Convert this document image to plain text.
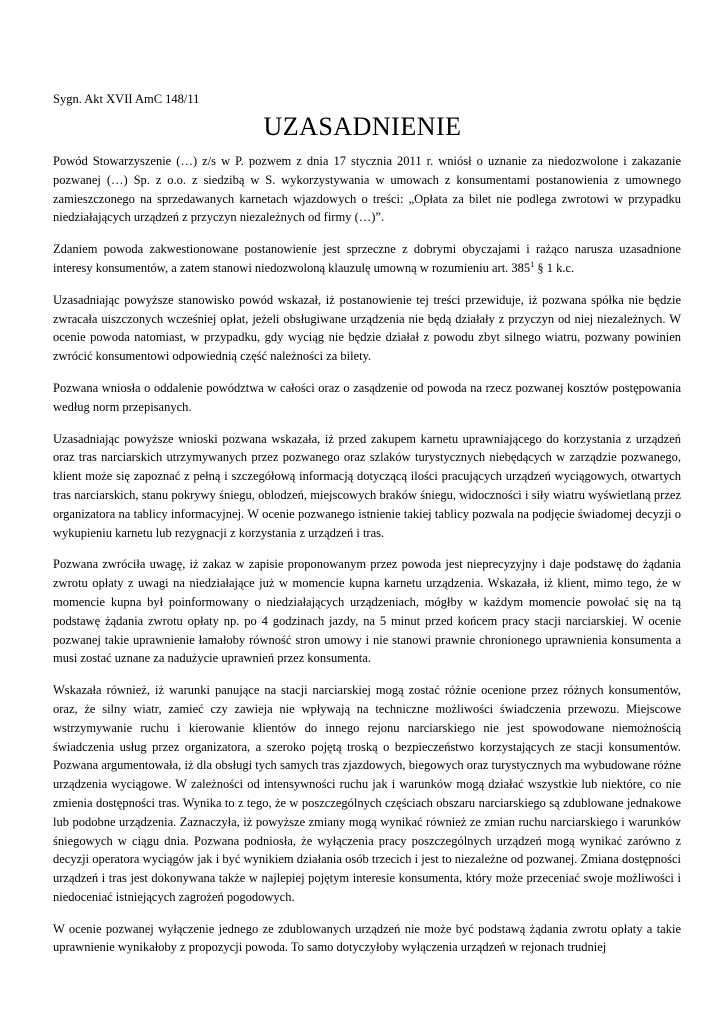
Sygn. Akt XVII AmC 148/11
UZASADNIENIE

Powód Stowarzyszenie (…) z/s w P. pozwem z dnia 17 stycznia 2011 r. wniósł o uznanie za niedozwolone i zakazanie pozwanej (…) Sp. z o.o. z siedzibą w S. wykorzystywania w umowach z konsumentami postanowienia z umownego zamieszczonego na sprzedawanych karnetach wjazdowych o treści: „Opłata za bilet nie podlega zwrotowi w przypadku niedziałających urządzeń z przyczyn niezależnych od firmy (…)”.

Zdaniem powoda zakwestionowane postanowienie jest sprzeczne z dobrymi obyczajami i rażąco narusza uzasadnione interesy konsumentów, a zatem stanowi niedozwoloną klauzulę umowną w rozumieniu art. $385^1$ § 1 k.c.

Uzasadniając powyższe stanowisko powód wskazał, iż postanowienie tej treści przewiduje, iż pozwana spółka nie będzie zwracała uiszczonych wcześniej opłat, jeżeli obsługiwane urządzenia nie będą działały z przyczyn od niej niezależnych. W ocenie powoda natomiast, w przypadku, gdy wyciąg nie będzie działał z powodu zbyt silnego wiatru, pozwany powinien zwrócić konsumentowi odpowiednią część należności za bilety.

Pozwana wniosła o oddalenie powództwa w całości oraz o zasądzenie od powoda na rzecz pozwanej kosztów postępowania według norm przepisanych.

Uzasadniając powyższe wnioski pozwana wskazała, iż przed zakupem karnetu uprawniającego do korzystania z urządzeń oraz tras narciarskich utrzymywanych przez pozwanego oraz szlaków turystycznych niebędących w zarządzie pozwanego, klient może się zapoznać z pełną i szczegółową informacją dotyczącą ilości pracujących urządzeń wyciągowych, otwartych tras narciarskich, stanu pokrywy śniegu, oblodzeń, miejscowych braków śniegu, widoczności i siły wiatru wyświetlaną przez organizatora na tablicy informacyjnej. W ocenie pozwanego istnienie takiej tablicy pozwala na podjęcie świadomej decyzji o wykupieniu karnetu lub rezygnacji z korzystania z urządzeń i tras.

Pozwana zwróciła uwagę, iż zakaz w zapisie proponowanym przez powoda jest nieprecyzyjny i daje podstawę do żądania zwrotu opłaty z uwagi na niedziałające już w momencie kupna karnetu urządzenia. Wskazała, iż klient, mimo tego, że w momencie kupna był poinformowany o niedziałających urządzeniach, mógłby w każdym momencie powołać się na tą podstawę żądania zwrotu opłaty np. po 4 godzinach jazdy, na 5 minut przed końcem pracy stacji narciarskiej. W ocenie pozwanej takie uprawnienie łamałoby równość stron umowy i nie stanowi prawnie chronionego uprawnienia konsumenta a musi zostać uznane za nadużycie uprawnień przez konsumenta.

Wskazała również, iż warunki panujące na stacji narciarskiej mogą zostać różnie ocenione przez różnych konsumentów, oraz, że silny wiatr, zamieć czy zawieja nie wpływają na techniczne możliwości świadczenia przewozu. Miejscowe wstrzymywanie ruchu i kierowanie klientów do innego rejonu narciarskiego nie jest spowodowane niemożnością świadczenia usług przez organizatora, a szeroko pojętą troską o bezpieczeństwo korzystających ze stacji konsumentów. Pozwana argumentowała, iż dla obsługi tych samych tras zjazdowych, biegowych oraz turystycznych ma wybudowane różne urządzenia wyciągowe. W zależności od intensywności ruchu jak i warunków mogą działać wszystkie lub niektóre, co nie zmienia dostępności tras. Wynika to z tego, że w poszczególnych częściach obszaru narciarskiego są zdublowane jednakowe lub podobne urządzenia. Zaznaczyła, iż powyższe zmiany mogą wynikać również ze zmian ruchu narciarskiego i warunków śniegowych w ciągu dnia. Pozwana podniosła, że wyłączenia pracy poszczególnych urządzeń mogą wynikać zarówno z decyzji operatora wyciągów jak i być wynikiem działania osób trzecich i jest to niezależne od pozwanej. Zmiana dostępności urządzeń i tras jest dokonywana także w najlepiej pojętym interesie konsumenta, który może przeceniać swoje możliwości i niedoceniać istniejących zagrożeń pogodowych.

W ocenie pozwanej wyłączenie jednego ze zdublowanych urządzeń nie może być podstawą żądania zwrotu opłaty a takie uprawnienie wynikałoby z propozycji powoda. To samo dotyczyłoby wyłączenia urządzeń w rejonach trudniej
